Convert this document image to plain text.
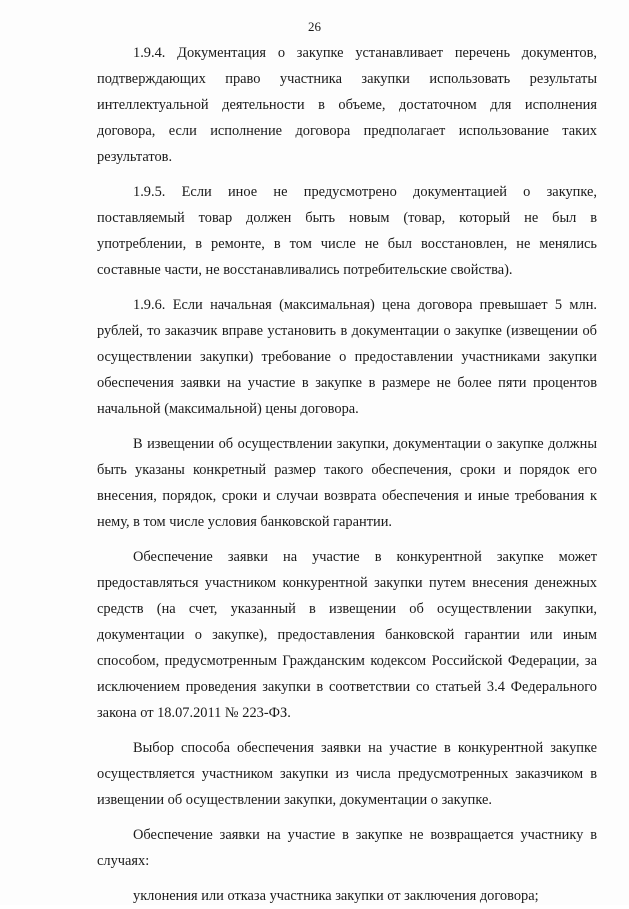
26

1.9.4. Документация о закупке устанавливает перечень документов, подтверждающих право участника закупки использовать результаты интеллектуальной деятельности в объеме, достаточном для исполнения договора, если исполнение договора предполагает использование таких результатов.

1.9.5. Если иное не предусмотрено документацией о закупке, поставляемый товар должен быть новым (товар, который не был в употреблении, в ремонте, в том числе не был восстановлен, не менялись составные части, не восстанавливались потребительские свойства).

1.9.6. Если начальная (максимальная) цена договора превышает 5 млн. рублей, то заказчик вправе установить в документации о закупке (извещении об осуществлении закупки) требование о предоставлении участниками закупки обеспечения заявки на участие в закупке в размере не более пяти процентов начальной (максимальной) цены договора.

В извещении об осуществлении закупки, документации о закупке должны быть указаны конкретный размер такого обеспечения, сроки и порядок его внесения, порядок, сроки и случаи возврата обеспечения и иные требования к нему, в том числе условия банковской гарантии.

Обеспечение заявки на участие в конкурентной закупке может предоставляться участником конкурентной закупки путем внесения денежных средств (на счет, указанный в извещении об осуществлении закупки, документации о закупке), предоставления банковской гарантии или иным способом, предусмотренным Гражданским кодексом Российской Федерации, за исключением проведения закупки в соответствии со статьей 3.4 Федерального закона от 18.07.2011 № 223-ФЗ.

Выбор способа обеспечения заявки на участие в конкурентной закупке осуществляется участником закупки из числа предусмотренных заказчиком в извещении об осуществлении закупки, документации о закупке.

Обеспечение заявки на участие в закупке не возвращается участнику в случаях:

уклонения или отказа участника закупки от заключения договора;
